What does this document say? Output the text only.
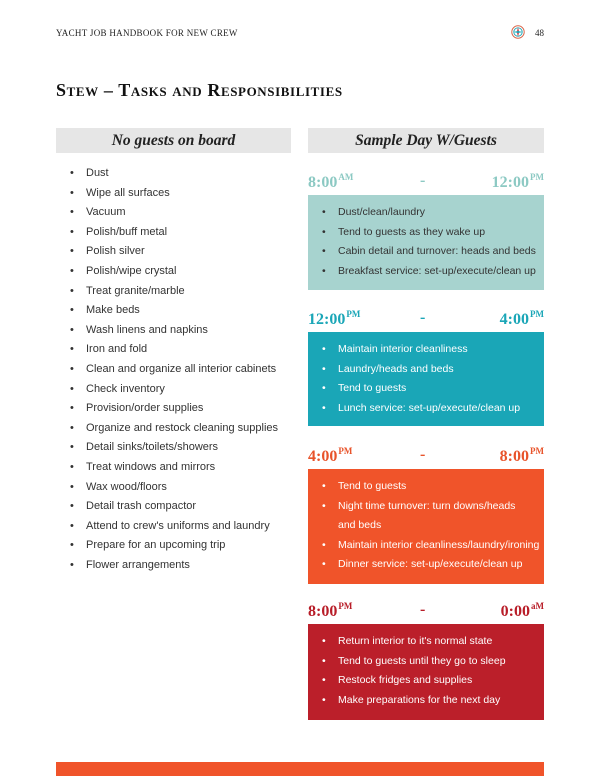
YACHT JOB HANDBOOK FOR NEW CREW	48
Stew – Tasks and Responsibilities
No guests on board	Sample Day W/Guests
• Dust
• Wipe all surfaces
• Vacuum
• Polish/buff metal
• Polish silver
• Polish/wipe crystal
• Treat granite/marble
• Make beds
• Wash linens and napkins
• Iron and fold
• Clean and organize all interior cabinets
• Check inventory
• Provision/order supplies
• Organize and restock cleaning supplies
• Detail sinks/toilets/showers
• Treat windows and mirrors
• Wax wood/floors
• Detail trash compactor
• Attend to crew's uniforms and laundry
• Prepare for an upcoming trip
• Flower arrangements
$8:00^{AM}$	-	$12:00^{PM}$
• Dust/clean/laundry
• Tend to guests as they wake up
• Cabin detail and turnover: heads and beds
• Breakfast service: set-up/execute/clean up
$12:00^{PM}$	-	$4:00^{PM}$
• Maintain interior cleanliness
• Laundry/heads and beds
• Tend to guests
• Lunch service: set-up/execute/clean up
$4:00^{PM}$	-	$8:00^{PM}$
• Tend to guests
• Night time turnover: turn downs/heads
and beds
• Maintain interior cleanliness/laundry/ironing
• Dinner service: set-up/execute/clean up
$8:00^{PM}$	-	$0:00^{aM}$
• Return interior to it's normal state
• Tend to guests until they go to sleep
• Restock fridges and supplies
• Make preparations for the next day
